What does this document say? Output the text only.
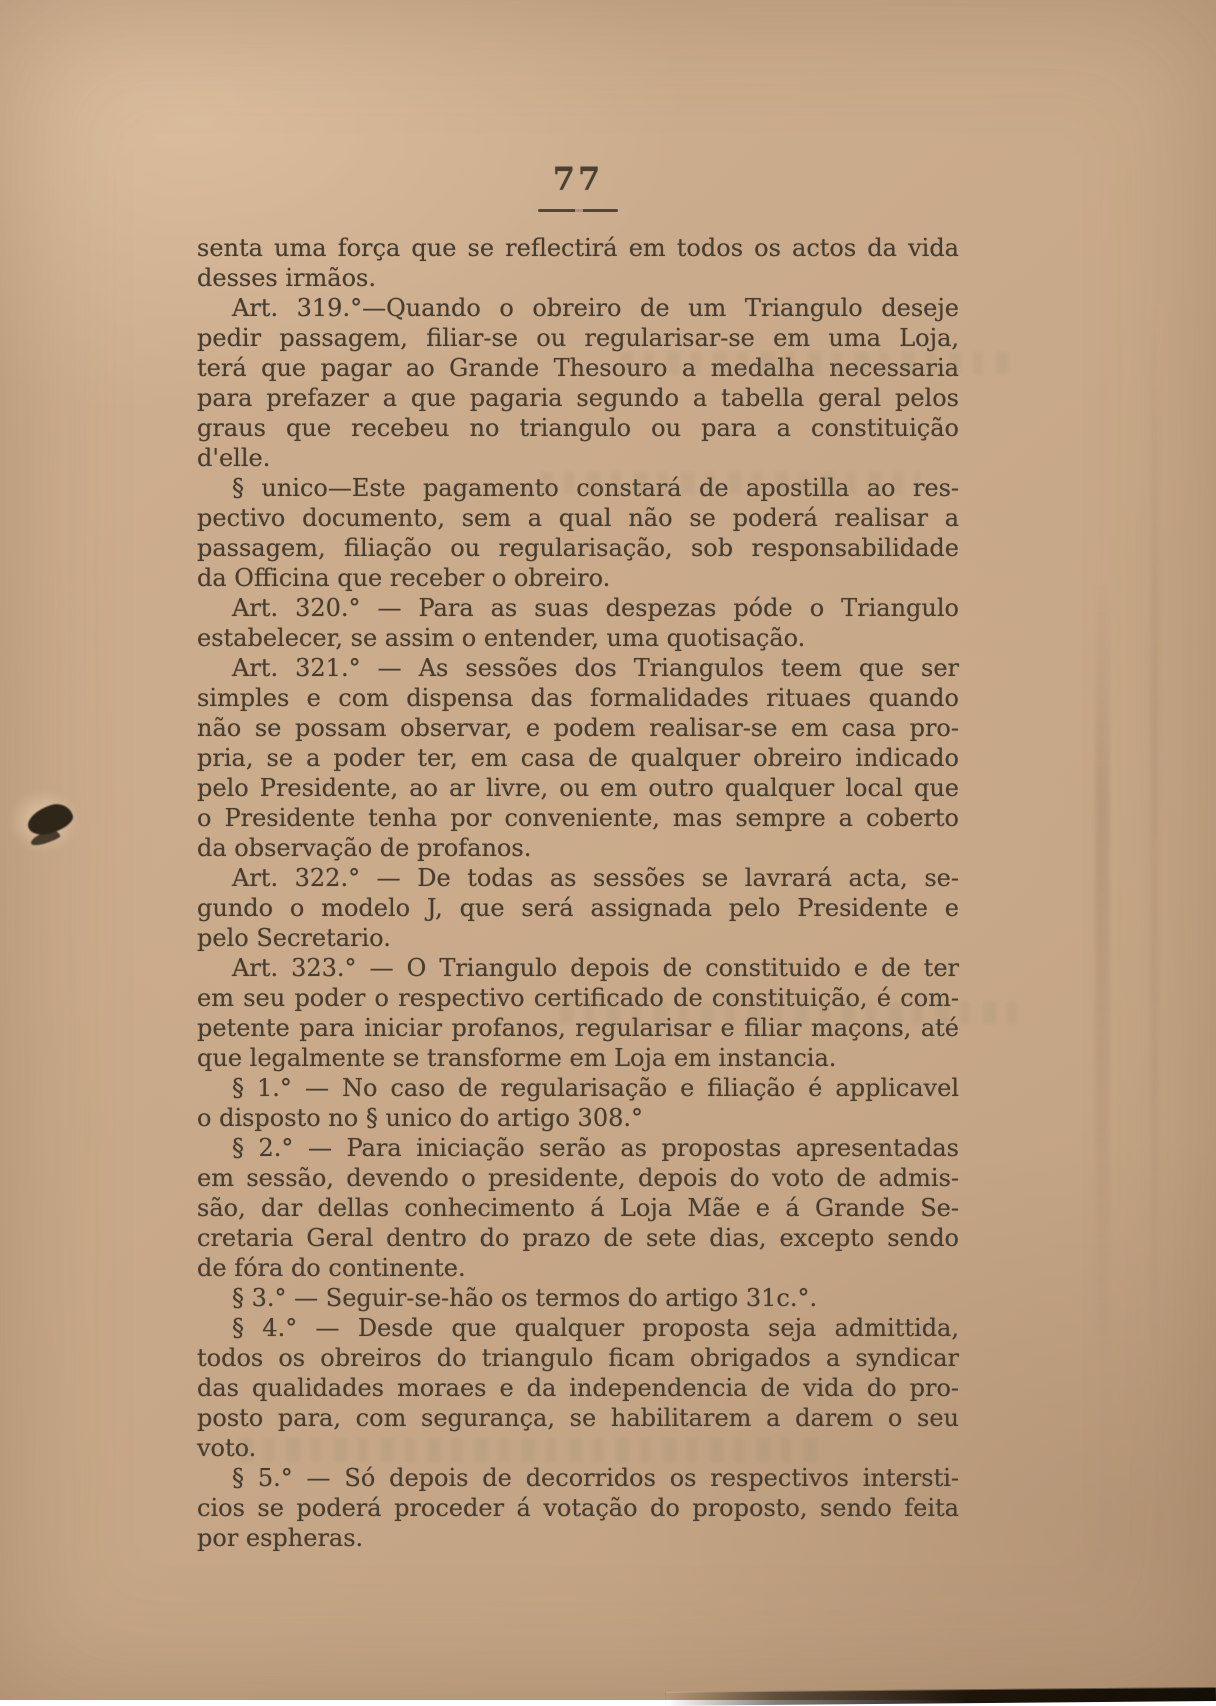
77
senta uma força que se reflectirá em todos os actos da vida
desses irmãos.
Art. 319.°—Quando o obreiro de um Triangulo deseje
pedir passagem, filiar-se ou regularisar-se em uma Loja,
terá que pagar ao Grande Thesouro a medalha necessaria
para prefazer a que pagaria segundo a tabella geral pelos
graus que recebeu no triangulo ou para a constituição
d'elle.
§ unico—Este pagamento constará de apostilla ao res-
pectivo documento, sem a qual não se poderá realisar a
passagem, filiação ou regularisação, sob responsabilidade
da Officina que receber o obreiro.
Art. 320.° — Para as suas despezas póde o Triangulo
estabelecer, se assim o entender, uma quotisação.
Art. 321.° — As sessões dos Triangulos teem que ser
simples e com dispensa das formalidades rituaes quando
não se possam observar, e podem realisar-se em casa pro-
pria, se a poder ter, em casa de qualquer obreiro indicado
pelo Presidente, ao ar livre, ou em outro qualquer local que
o Presidente tenha por conveniente, mas sempre a coberto
da observação de profanos.
Art. 322.° — De todas as sessões se lavrará acta, se-
gundo o modelo J, que será assignada pelo Presidente e
pelo Secretario.
Art. 323.° — O Triangulo depois de constituido e de ter
em seu poder o respectivo certificado de constituição, é com-
petente para iniciar profanos, regularisar e filiar maçons, até
que legalmente se transforme em Loja em instancia.
§ 1.° — No caso de regularisação e filiação é applicavel
o disposto no § unico do artigo 308.°
§ 2.° — Para iniciação serão as propostas apresentadas
em sessão, devendo o presidente, depois do voto de admis-
são, dar dellas conhecimento á Loja Mãe e á Grande Se-
cretaria Geral dentro do prazo de sete dias, excepto sendo
de fóra do continente.
§ 3.° — Seguir-se-hão os termos do artigo 31c.°.
§ 4.° — Desde que qualquer proposta seja admittida,
todos os obreiros do triangulo ficam obrigados a syndicar
das qualidades moraes e da independencia de vida do pro-
posto para, com segurança, se habilitarem a darem o seu
voto.
§ 5.° — Só depois de decorridos os respectivos intersti-
cios se poderá proceder á votação do proposto, sendo feita
por espheras.
